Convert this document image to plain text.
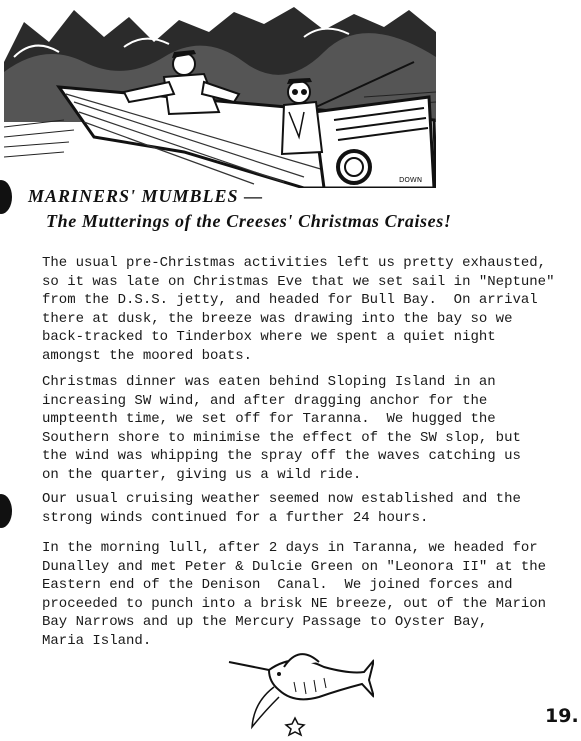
DOWN
MARINERS' MUMBLES —
The Mutterings of the Creeses' Christmas Craises!
The usual pre-Christmas activities left us pretty exhausted,
so it was late on Christmas Eve that we set sail in "Neptune"
from the D.S.S. jetty, and headed for Bull Bay.  On arrival
there at dusk, the breeze was drawing into the bay so we
back-tracked to Tinderbox where we spent a quiet night
amongst the moored boats.
Christmas dinner was eaten behind Sloping Island in an
increasing SW wind, and after dragging anchor for the
umpteenth time, we set off for Taranna.  We hugged the
Southern shore to minimise the effect of the SW slop, but
the wind was whipping the spray off the waves catching us
on the quarter, giving us a wild ride.
Our usual cruising weather seemed now established and the
strong winds continued for a further 24 hours.
In the morning lull, after 2 days in Taranna, we headed for
Dunalley and met Peter & Dulcie Green on "Leonora II" at the
Eastern end of the Denison  Canal.  We joined forces and
proceeded to punch into a brisk NE breeze, out of the Marion
Bay Narrows and up the Mercury Passage to Oyster Bay,
Maria Island.
19.
